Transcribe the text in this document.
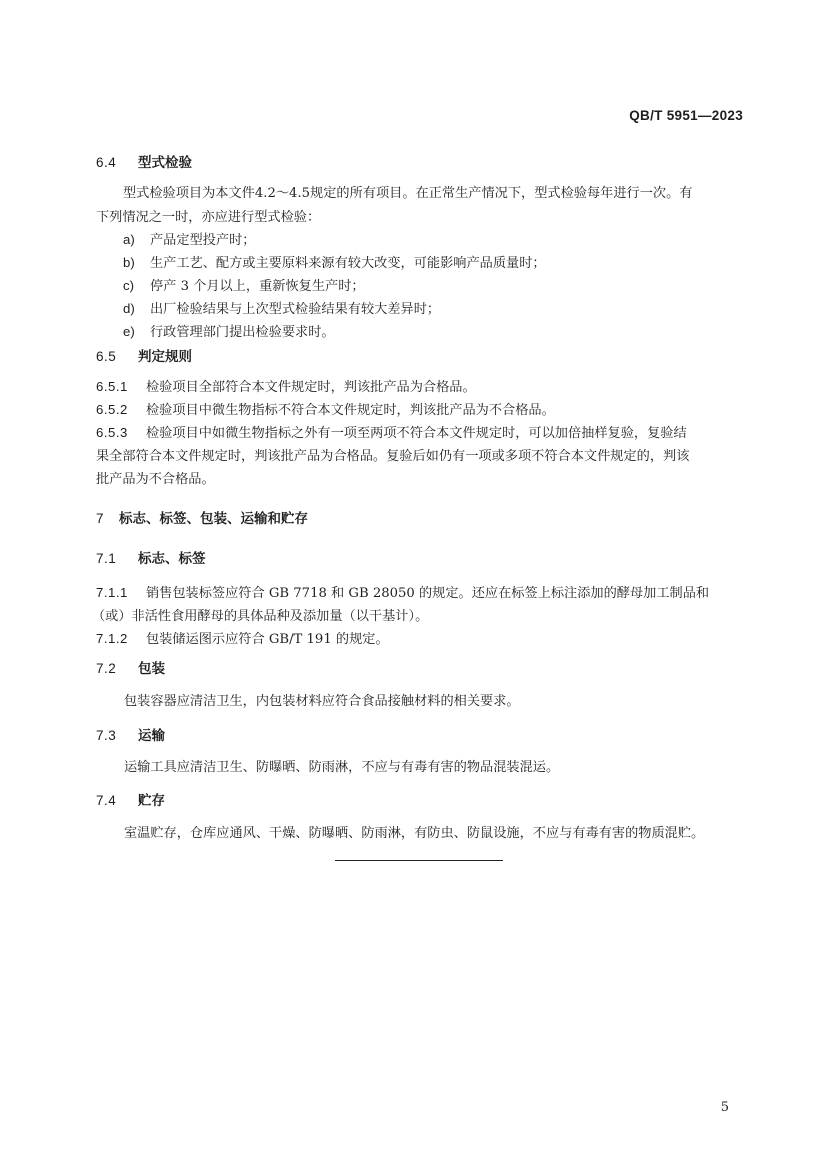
QB/T 5951—2023
6.4 型式检验
型式检验项目为本文件4.2～4.5规定的所有项目。在正常生产情况下，型式检验每年进行一次。有
下列情况之一时，亦应进行型式检验：
a) 产品定型投产时；
b) 生产工艺、配方或主要原料来源有较大改变，可能影响产品质量时；
c) 停产 3 个月以上，重新恢复生产时；
d) 出厂检验结果与上次型式检验结果有较大差异时；
e) 行政管理部门提出检验要求时。
6.5 判定规则
6.5.1 检验项目全部符合本文件规定时，判该批产品为合格品。
6.5.2 检验项目中微生物指标不符合本文件规定时，判该批产品为不合格品。
6.5.3 检验项目中如微生物指标之外有一项至两项不符合本文件规定时，可以加倍抽样复验，复验结
果全部符合本文件规定时，判该批产品为合格品。复验后如仍有一项或多项不符合本文件规定的，判该
批产品为不合格品。
7 标志、标签、包装、运输和贮存
7.1 标志、标签
7.1.1 销售包装标签应符合 GB 7718 和 GB 28050 的规定。还应在标签上标注添加的酵母加工制品和
（或）非活性食用酵母的具体品种及添加量（以干基计）。
7.1.2 包装储运图示应符合 GB/T 191 的规定。
7.2 包装
包装容器应清洁卫生，内包装材料应符合食品接触材料的相关要求。
7.3 运输
运输工具应清洁卫生、防曝晒、防雨淋，不应与有毒有害的物品混装混运。
7.4 贮存
室温贮存，仓库应通风、干燥、防曝晒、防雨淋，有防虫、防鼠设施，不应与有毒有害的物质混贮。
5
